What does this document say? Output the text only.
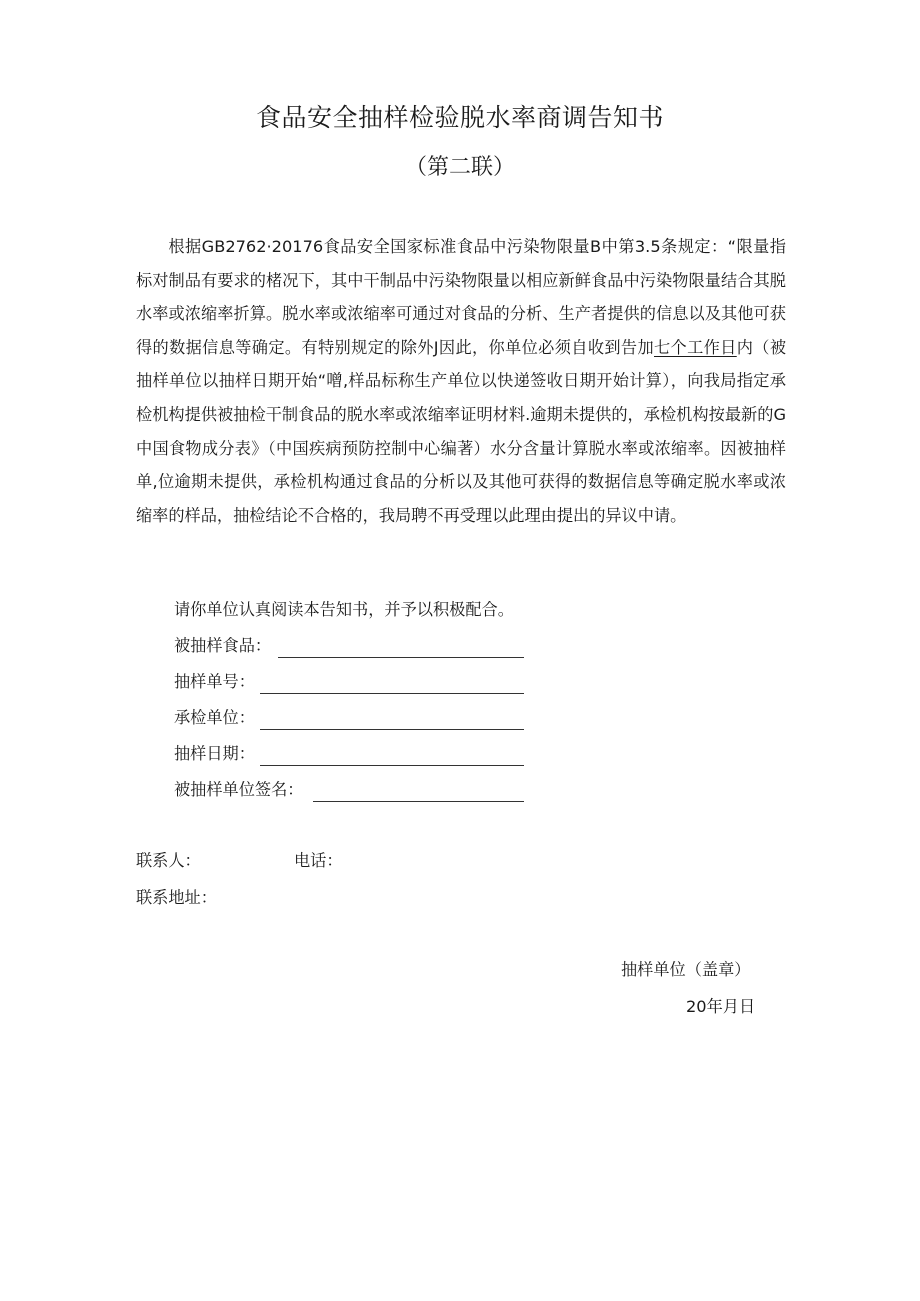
食品安全抽样检验脱水率商调告知书
（第二联）
根据GB2762·20176食品安全国家标准食品中污染物限量B中第3.5条规定：“限量指标对制品有要求的楮况下，其中干制品中污染物限量以相应新鲜食品中污染物限量结合其脱水率或浓缩率折算。脱水率或浓缩率可通过对食品的分析、生产者提供的信息以及其他可获得的数据信息等确定。有特别规定的除外J因此，你单位必须自收到告加七个工作日内（被抽样单位以抽样日期开始“噌,样品标称生产单位以快递签收日期开始计算），向我局指定承检机构提供被抽检干制食品的脱水率或浓缩率证明材料.逾期未提供的，承检机构按最新的G中国食物成分表》（中国疾病预防控制中心编著）水分含量计算脱水率或浓缩率。因被抽样单,位逾期未提供，承检机构通过食品的分析以及其他可获得的数据信息等确定脱水率或浓缩率的样品，抽检结论不合格的，我局聘不再受理以此理由提出的异议中请。
请你单位认真阅读本告知书，并予以积极配合。
被抽样食品：
抽样单号：
承检单位：
抽样日期：
被抽样单位签名：
联系人：	电话：
联系地址：
抽样单位（盖章）
20年月日
